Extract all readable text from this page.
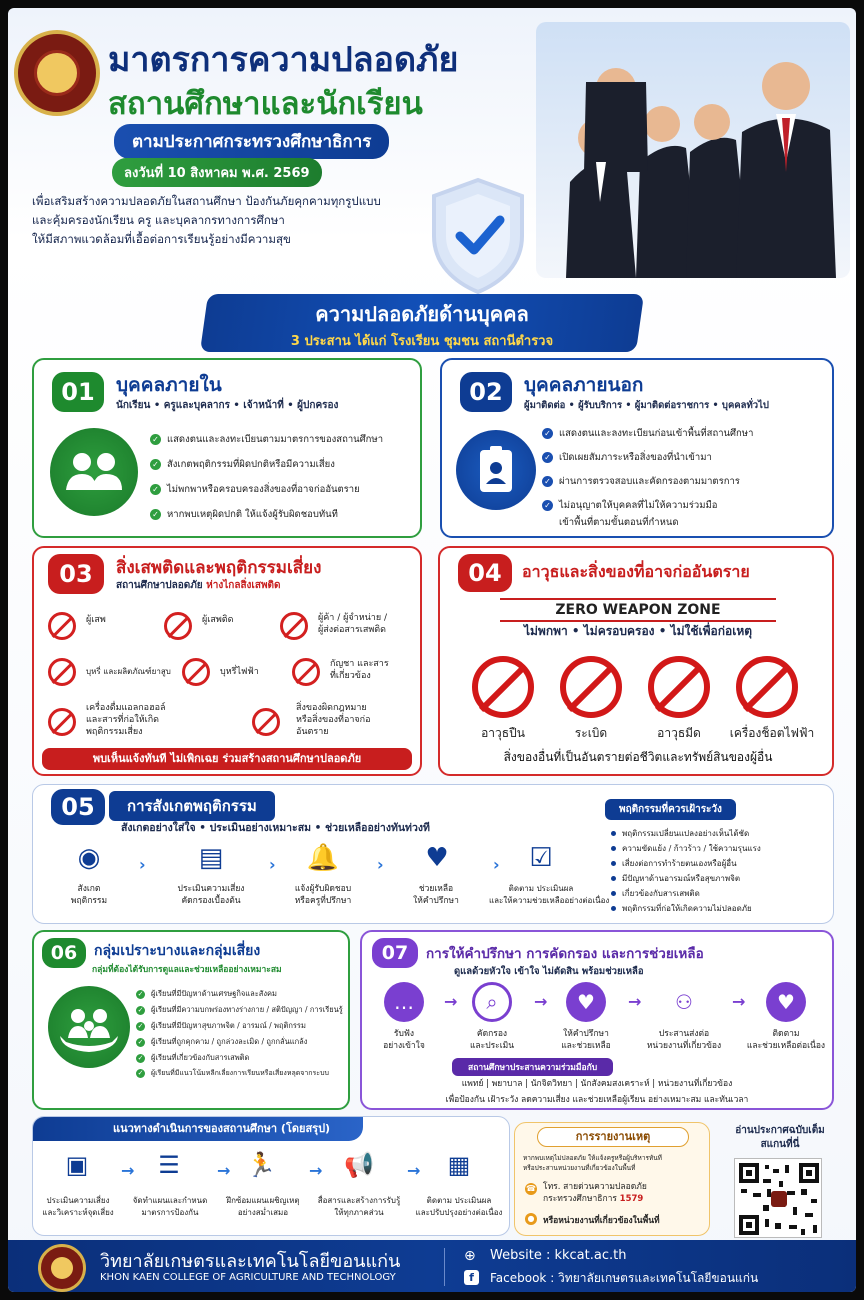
มาตรการความปลอดภัย
สถานศึกษาและนักเรียน
ตามประกาศกระทรวงศึกษาธิการ
ลงวันที่ 10 สิงหาคม พ.ศ. 2569
เพื่อเสริมสร้างความปลอดภัยในสถานศึกษา ป้องกันภัยคุกคามทุกรูปแบบ
และคุ้มครองนักเรียน ครู และบุคลากรทางการศึกษา
ให้มีสภาพแวดล้อมที่เอื้อต่อการเรียนรู้อย่างมีความสุข
ความปลอดภัยด้านบุคคล
3 ประสาน ได้แก่ โรงเรียน ชุมชน สถานีตำรวจ
01	บุคคลภายใน
นักเรียน • ครูและบุคลากร • เจ้าหน้าที่ • ผู้ปกครอง
✓ แสดงตนและลงทะเบียนตามมาตรการของสถานศึกษา
✓ สังเกตพฤติกรรมที่ผิดปกติหรือมีความเสี่ยง
✓ ไม่พกพาหรือครอบครองสิ่งของที่อาจก่ออันตราย
✓ หากพบเหตุผิดปกติ ให้แจ้งผู้รับผิดชอบทันที
02	บุคคลภายนอก
ผู้มาติดต่อ • ผู้รับบริการ • ผู้มาติดต่อราชการ • บุคคลทั่วไป
✓ แสดงตนและลงทะเบียนก่อนเข้าพื้นที่สถานศึกษา
✓ เปิดเผยสัมภาระหรือสิ่งของที่นำเข้ามา
✓ ผ่านการตรวจสอบและคัดกรองตามมาตรการ
✓ ไม่อนุญาตให้บุคคลที่ไม่ให้ความร่วมมือ
เข้าพื้นที่ตามขั้นตอนที่กำหนด
03	สิ่งเสพติดและพฤติกรรมเสี่ยง
สถานศึกษาปลอดภัย ห่างไกลสิ่งเสพติด
ผู้เสพ	ผู้เสพติด	ผู้ค้า / ผู้จำหน่าย /
ผู้ส่งต่อสารเสพติด
บุหรี่ และผลิตภัณฑ์ยาสูบ	บุหรี่ไฟฟ้า
กัญชา และสาร
ที่เกี่ยวข้อง
เครื่องดื่มแอลกอฮอล์
และสารที่ก่อให้เกิด
พฤติกรรมเสี่ยง
สิ่งของผิดกฎหมาย
หรือสิ่งของที่อาจก่อ
อันตราย
พบเห็นแจ้งทันที ไม่เพิกเฉย ร่วมสร้างสถานศึกษาปลอดภัย
04	อาวุธและสิ่งของที่อาจก่ออันตราย
ZERO WEAPON ZONE
ไม่พกพา • ไม่ครอบครอง • ไม่ใช้เพื่อก่อเหตุ
อาวุธปืน	ระเบิด	อาวุธมีด	เครื่องช็อตไฟฟ้า
สิ่งของอื่นที่เป็นอันตรายต่อชีวิตและทรัพย์สินของผู้อื่น
05	การสังเกตพฤติกรรม
สังเกตอย่างใส่ใจ • ประเมินอย่างเหมาะสม • ช่วยเหลืออย่างทันท่วงที
◉
สังเกต
พฤติกรรม
›	▤
ประเมินความเสี่ยง
คัดกรองเบื้องต้น
›	🔔
แจ้งผู้รับผิดชอบ
หรือครูที่ปรึกษา
›	♥
ช่วยเหลือ
ให้คำปรึกษา
›	☑
ติดตาม ประเมินผล
และให้ความช่วยเหลืออย่างต่อเนื่อง
พฤติกรรมที่ควรเฝ้าระวัง
พฤติกรรมเปลี่ยนแปลงอย่างเห็นได้ชัด
ความขัดแย้ง / ก้าวร้าว / ใช้ความรุนแรง
เสี่ยงต่อการทำร้ายตนเองหรือผู้อื่น
มีปัญหาด้านอารมณ์หรือสุขภาพจิต
เกี่ยวข้องกับสารเสพติด
พฤติกรรมที่ก่อให้เกิดความไม่ปลอดภัย
06	กลุ่มเปราะบางและกลุ่มเสี่ยง
กลุ่มที่ต้องได้รับการดูแลและช่วยเหลืออย่างเหมาะสม
✓ ผู้เรียนที่มีปัญหาด้านเศรษฐกิจและสังคม
✓ ผู้เรียนที่มีความบกพร่องทางร่างกาย / สติปัญญา / การเรียนรู้
✓ ผู้เรียนที่มีปัญหาสุขภาพจิต / อารมณ์ / พฤติกรรม
✓ ผู้เรียนที่ถูกคุกคาม / ถูกล่วงละเมิด / ถูกกลั่นแกล้ง
✓ ผู้เรียนที่เกี่ยวข้องกับสารเสพติด
✓ ผู้เรียนที่มีแนวโน้มหลีกเลี่ยงการเรียนหรือเสี่ยงหลุดจากระบบ
07	การให้คำปรึกษา การคัดกรอง และการช่วยเหลือ
ดูแลด้วยหัวใจ เข้าใจ ไม่ตัดสิน พร้อมช่วยเหลือ
…
รับฟัง
อย่างเข้าใจ
→	⌕
คัดกรอง
และประเมิน
→	♥
ให้คำปรึกษา
และช่วยเหลือ
→	⚇
ประสานส่งต่อ
หน่วยงานที่เกี่ยวข้อง
→	♥
ติดตาม
และช่วยเหลือต่อเนื่อง
สถานศึกษาประสานความร่วมมือกับ
แพทย์ | พยาบาล | นักจิตวิทยา | นักสังคมสงเคราะห์ | หน่วยงานที่เกี่ยวข้อง
เพื่อป้องกัน เฝ้าระวัง ลดความเสี่ยง และช่วยเหลือผู้เรียน อย่างเหมาะสม และทันเวลา
แนวทางดำเนินการของสถานศึกษา (โดยสรุป)
▣
ประเมินความเสี่ยง
และวิเคราะห์จุดเสี่ยง
→ ☰
จัดทำแผนและกำหนด
มาตรการป้องกัน
→ 🏃
ฝึกซ้อมแผนเผชิญเหตุ
อย่างสม่ำเสมอ
→ 📢
สื่อสารและสร้างการรับรู้
ให้ทุกภาคส่วน
→	▦
ติดตาม ประเมินผล
และปรับปรุงอย่างต่อเนื่อง
การรายงานเหตุ
หากพบเหตุไม่ปลอดภัย ให้แจ้งครูหรือผู้บริหารทันที
หรือประสานหน่วยงานที่เกี่ยวข้องในพื้นที่
☎ โทร. สายด่วนความปลอดภัย
กระทรวงศึกษาธิการ 1579
● หรือหน่วยงานที่เกี่ยวข้องในพื้นที่
อ่านประกาศฉบับเต็ม
สแกนที่นี่
วิทยาลัยเกษตรและเทคโนโลยีขอนแก่น
KHON KAEN COLLEGE OF AGRICULTURE AND TECHNOLOGY
⊕ Website : kkcat.ac.th
f	Facebook : วิทยาลัยเกษตรและเทคโนโลยีขอนแก่น
